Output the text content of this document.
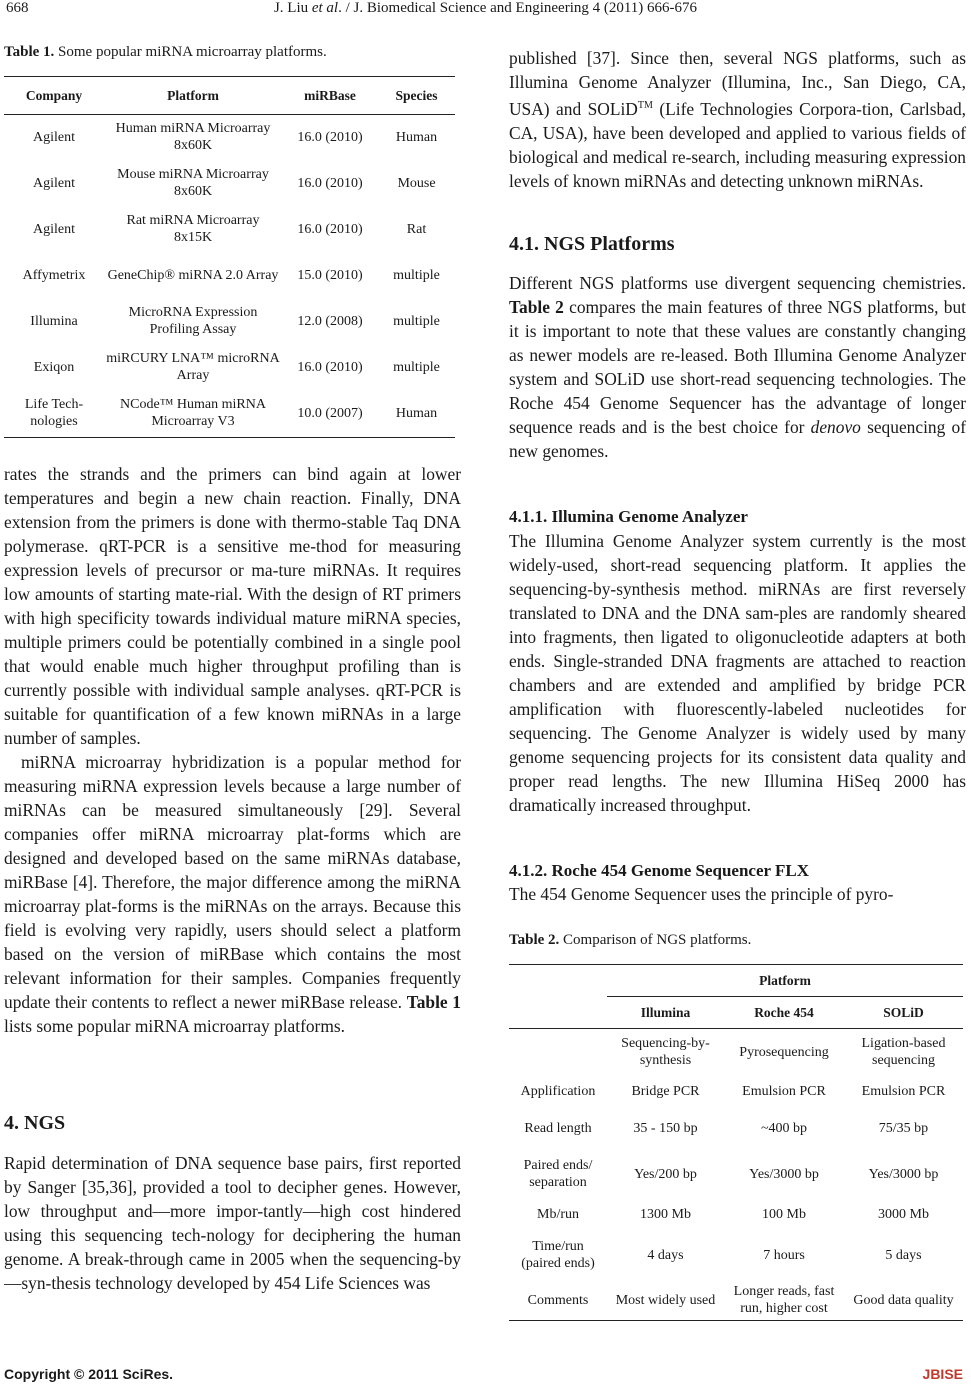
668	J. Liu et al. / J. Biomedical Science and Engineering 4 (2011) 666-676
Table 1. Some popular miRNA microarray platforms.
Company	Platform	miRBase	Species
Agilent	Human miRNA Microarray 8x60K	16.0 (2010)	Human
Agilent	Mouse miRNA Microarray 8x60K	16.0 (2010)	Mouse
Agilent	Rat miRNA Microarray 8x15K	16.0 (2010)	Rat
Affymetrix	GeneChip® miRNA 2.0 Array	15.0 (2010)	multiple
Illumina	MicroRNA Expression Profiling Assay	12.0 (2008)	multiple
Exiqon	miRCURY LNA™ microRNA Array	16.0 (2010)	multiple
Life Tech-nologies	NCode™ Human miRNA Microarray V3	10.0 (2007)	Human

rates the strands and the primers can bind again at lower temperatures and begin a new chain reaction. Finally, DNA extension from the primers is done with thermo-stable Taq DNA polymerase. qRT-PCR is a sensitive me-thod for measuring expression levels of precursor or ma-ture miRNAs. It requires low amounts of starting mate-rial. With the design of RT primers with high specificity towards individual mature miRNA species, multiple primers could be potentially combined in a single pool that would enable much higher throughput profiling than is currently possible with individual sample analyses. qRT-PCR is suitable for quantification of a few known miRNAs in a large number of samples.

miRNA microarray hybridization is a popular method for measuring miRNA expression levels because a large number of miRNAs can be measured simultaneously [29]. Several companies offer miRNA microarray plat-forms which are designed and developed based on the same miRNAs database, miRBase [4]. Therefore, the major difference among the miRNA microarray plat-forms is the miRNAs on the arrays. Because this field is evolving very rapidly, users should select a platform based on the version of miRBase which contains the most relevant information for their samples. Companies frequently update their contents to reflect a newer miRBase release. Table 1 lists some popular miRNA microarray platforms.

4. NGS

Rapid determination of DNA sequence base pairs, first reported by Sanger [35,36], provided a tool to decipher genes. However, low throughput and—more impor-tantly—high cost hindered using this sequencing tech-nology for deciphering the human genome. A break-through came in 2005 when the sequencing-by—syn-thesis technology developed by 454 Life Sciences was

published [37]. Since then, several NGS platforms, such as Illumina Genome Analyzer (Illumina, Inc., San Diego, CA, USA) and SOLiD™ (Life Technologies Corpora-tion, Carlsbad, CA, USA), have been developed and applied to various fields of biological and medical re-search, including measuring expression levels of known miRNAs and detecting unknown miRNAs.

4.1. NGS Platforms

Different NGS platforms use divergent sequencing chemistries. Table 2 compares the main features of three NGS platforms, but it is important to note that these values are constantly changing as newer models are re-leased. Both Illumina Genome Analyzer system and SOLiD use short-read sequencing technologies. The Roche 454 Genome Sequencer has the advantage of longer sequence reads and is the best choice for denovo sequencing of new genomes.

4.1.1. Illumina Genome Analyzer

The Illumina Genome Analyzer system currently is the most widely-used, short-read sequencing platform. It applies the sequencing-by-synthesis method. miRNAs are first reversely translated to DNA and the DNA sam-ples are randomly sheared into fragments, then ligated to oligonucleotide adapters at both ends. Single-stranded DNA fragments are attached to reaction chambers and are extended and amplified by bridge PCR amplification with fluorescently-labeled nucleotides for sequencing. The Genome Analyzer is widely used by many genome sequencing projects for its consistent data quality and proper read lengths. The new Illumina HiSeq 2000 has dramatically increased throughput.

4.1.2. Roche 454 Genome Sequencer FLX

The 454 Genome Sequencer uses the principle of pyro-

Table 2. Comparison of NGS platforms.
	Platform		
	Illumina	Roche 454	SOLiD
	Sequencing-by-synthesis	Pyrosequencing	Ligation-based sequencing
Applification	Bridge PCR	Emulsion PCR	Emulsion PCR
Read length	35 - 150 bp	~400 bp	75/35 bp
Paired ends/ separation	Yes/200 bp	Yes/3000 bp	Yes/3000 bp
Mb/run	1300 Mb	100 Mb	3000 Mb
Time/run (paired ends)	4 days	7 hours	5 days
Comments	Most widely used	Longer reads, fast run, higher cost	Good data quality
Copyright © 2011 SciRes.	JBISE
